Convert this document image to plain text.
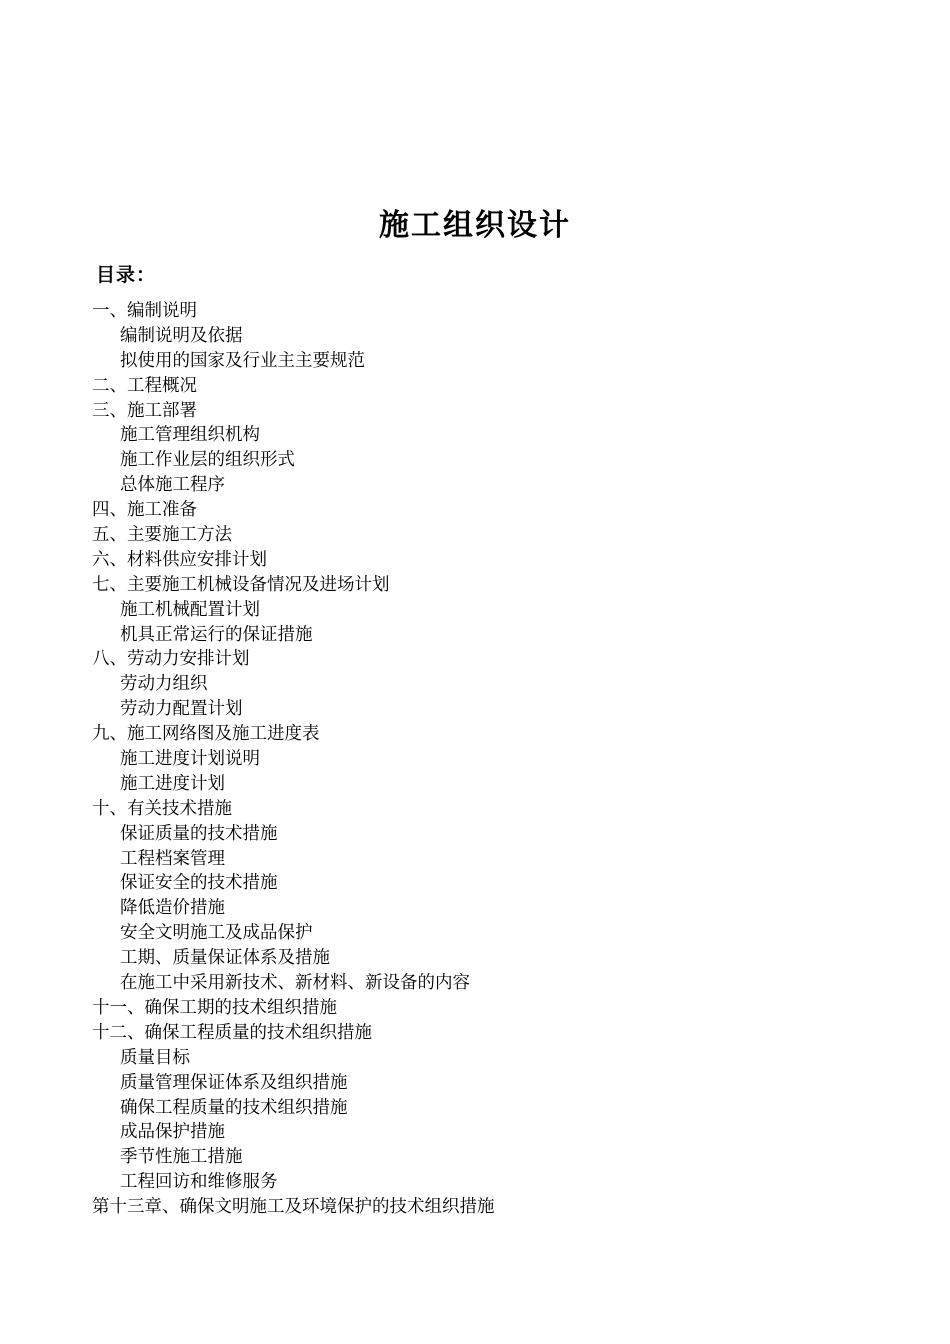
施工组织设计
目录：
一、编制说明
编制说明及依据
拟使用的国家及行业主主要规范
二、工程概况
三、施工部署
施工管理组织机构
施工作业层的组织形式
总体施工程序
四、施工准备
五、主要施工方法
六、材料供应安排计划
七、主要施工机械设备情况及进场计划
施工机械配置计划
机具正常运行的保证措施
八、劳动力安排计划
劳动力组织
劳动力配置计划
九、施工网络图及施工进度表
施工进度计划说明
施工进度计划
十、有关技术措施
保证质量的技术措施
工程档案管理
保证安全的技术措施
降低造价措施
安全文明施工及成品保护
工期、质量保证体系及措施
在施工中采用新技术、新材料、新设备的内容
十一、确保工期的技术组织措施
十二、确保工程质量的技术组织措施
质量目标
质量管理保证体系及组织措施
确保工程质量的技术组织措施
成品保护措施
季节性施工措施
工程回访和维修服务
第十三章、确保文明施工及环境保护的技术组织措施
